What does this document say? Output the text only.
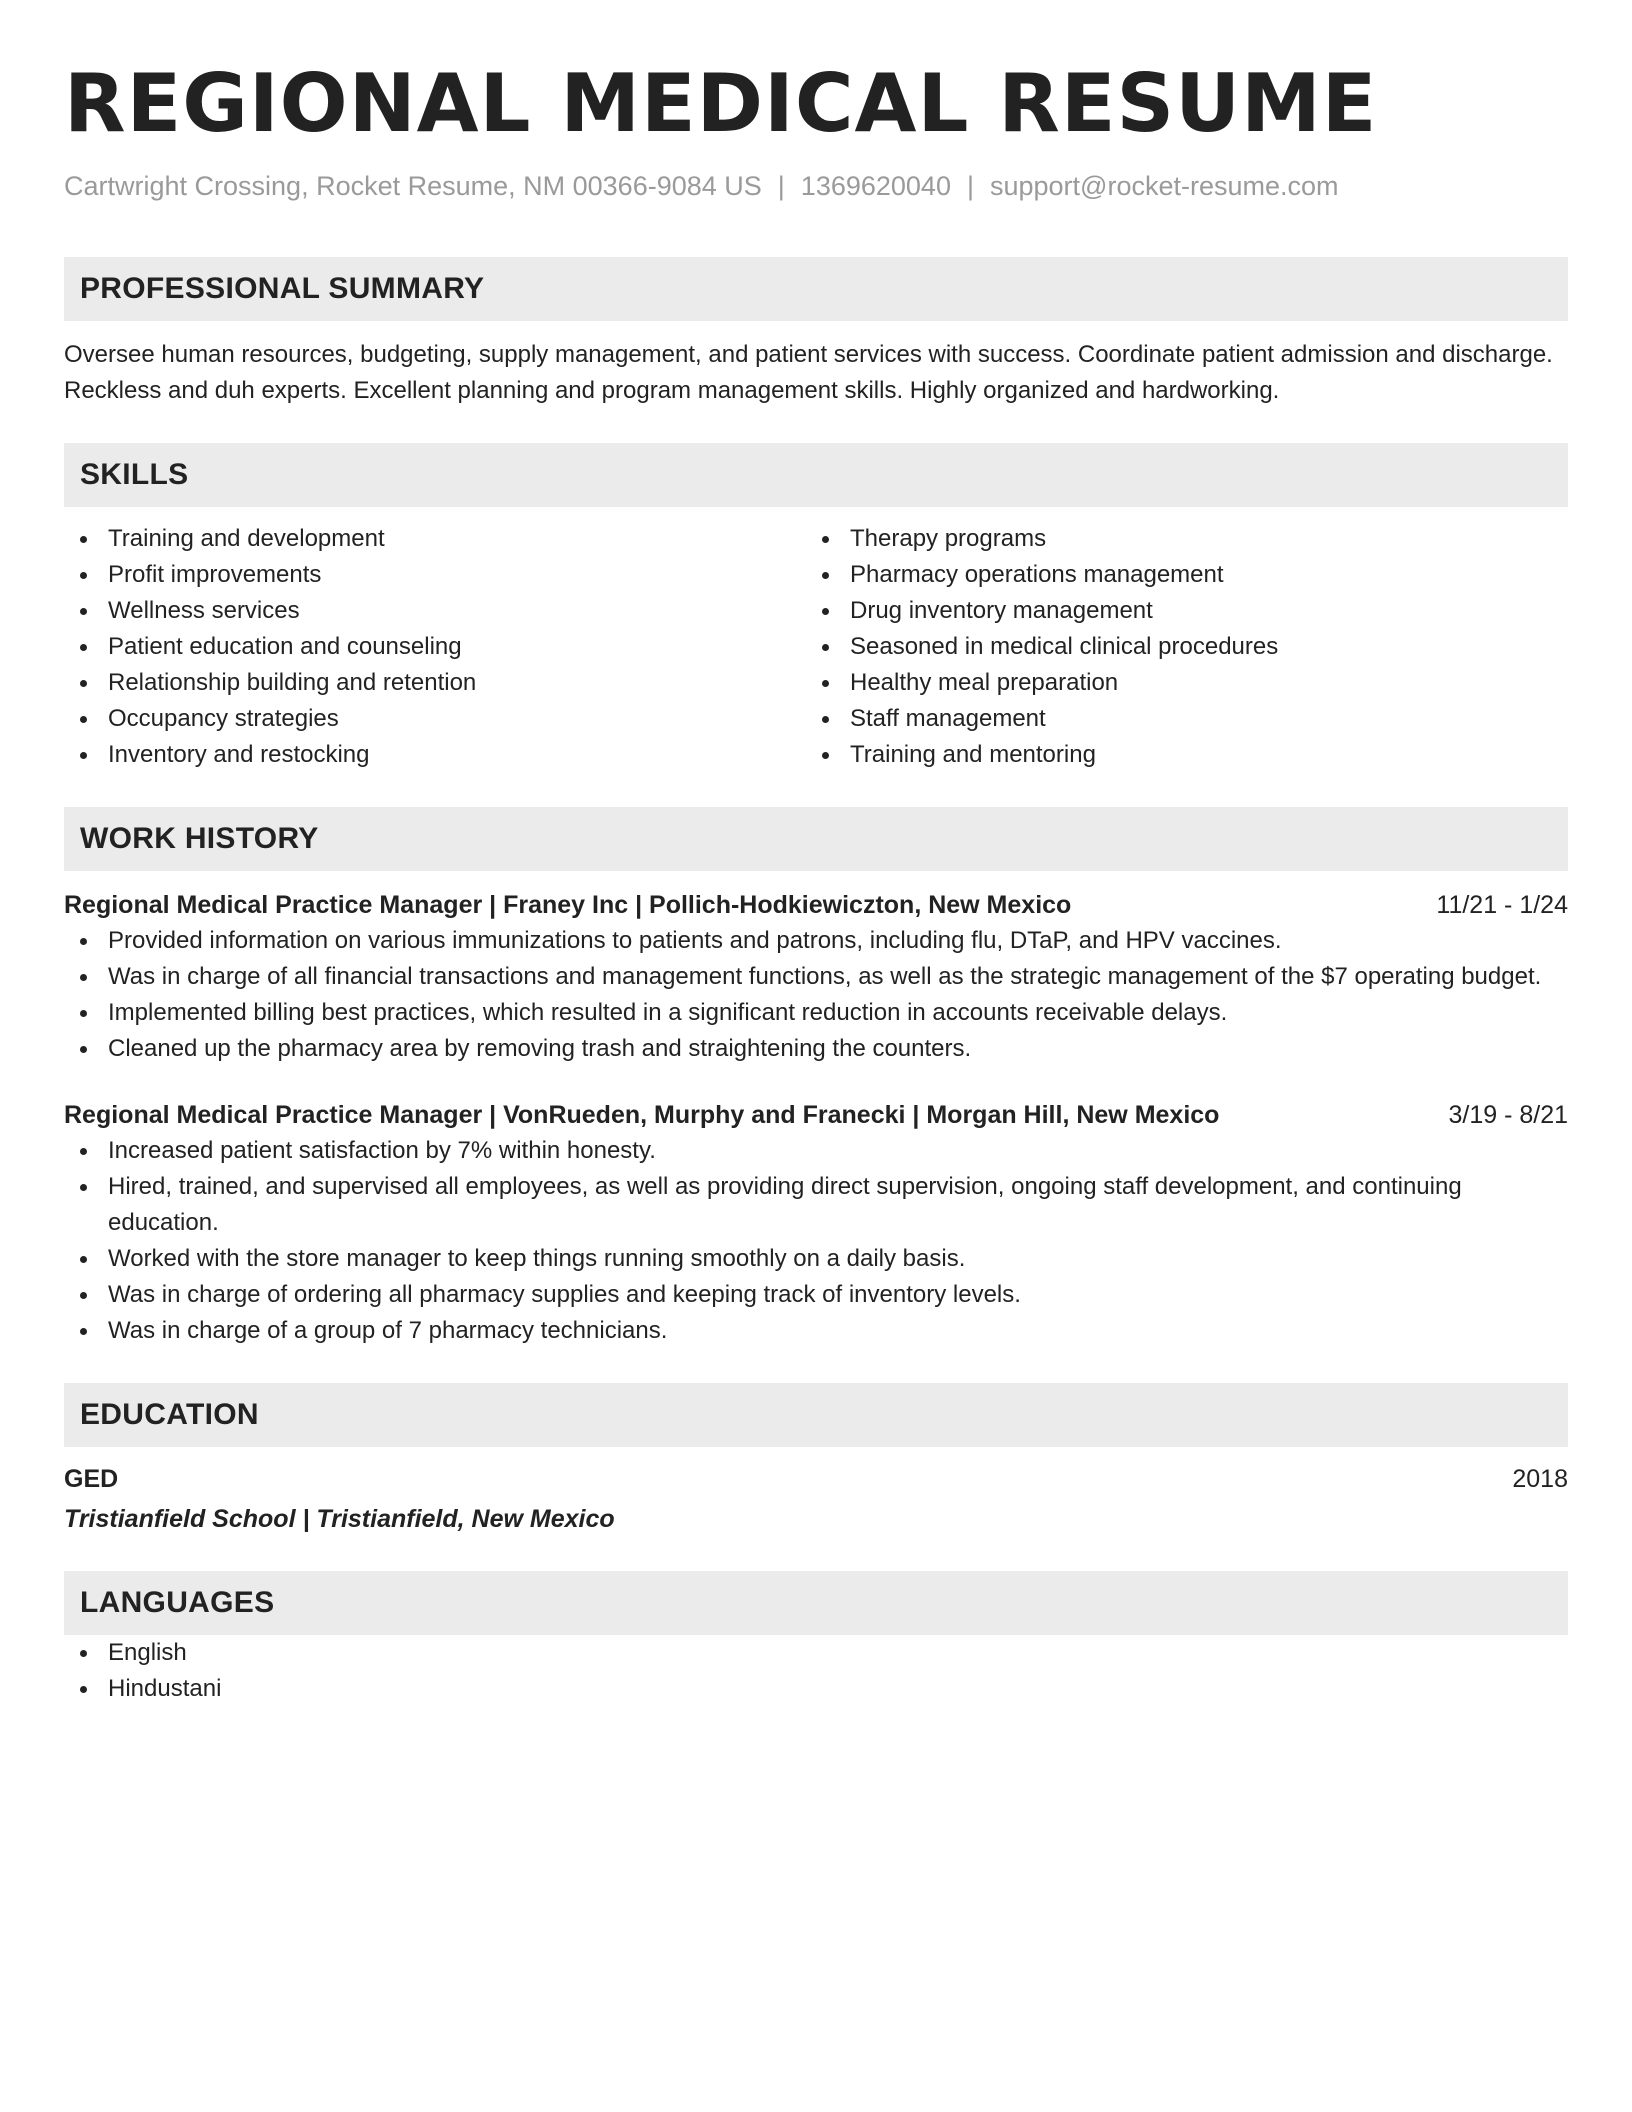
REGIONAL MEDICAL RESUME
Cartwright Crossing, Rocket Resume, NM 00366-9084 US | 1369620040 | support@rocket-resume.com
PROFESSIONAL SUMMARY
Oversee human resources, budgeting, supply management, and patient services with success. Coordinate patient admission and discharge. Reckless and duh experts. Excellent planning and program management skills. Highly organized and hardworking.
SKILLS
Training and development
Profit improvements
Wellness services
Patient education and counseling
Relationship building and retention
Occupancy strategies
Inventory and restocking
Therapy programs
Pharmacy operations management
Drug inventory management
Seasoned in medical clinical procedures
Healthy meal preparation
Staff management
Training and mentoring
WORK HISTORY
Regional Medical Practice Manager | Franey Inc | Pollich-Hodkiewiczton, New Mexico	11/21 - 1/24
Provided information on various immunizations to patients and patrons, including flu, DTaP, and HPV vaccines.
Was in charge of all financial transactions and management functions, as well as the strategic management of the $7 operating budget.
Implemented billing best practices, which resulted in a significant reduction in accounts receivable delays.
Cleaned up the pharmacy area by removing trash and straightening the counters.
Regional Medical Practice Manager | VonRueden, Murphy and Franecki | Morgan Hill, New Mexico	3/19 - 8/21
Increased patient satisfaction by 7% within honesty.
Hired, trained, and supervised all employees, as well as providing direct supervision, ongoing staff development, and continuing education.
Worked with the store manager to keep things running smoothly on a daily basis.
Was in charge of ordering all pharmacy supplies and keeping track of inventory levels.
Was in charge of a group of 7 pharmacy technicians.
EDUCATION
GED	2018
Tristianfield School | Tristianfield, New Mexico
LANGUAGES
English
Hindustani
